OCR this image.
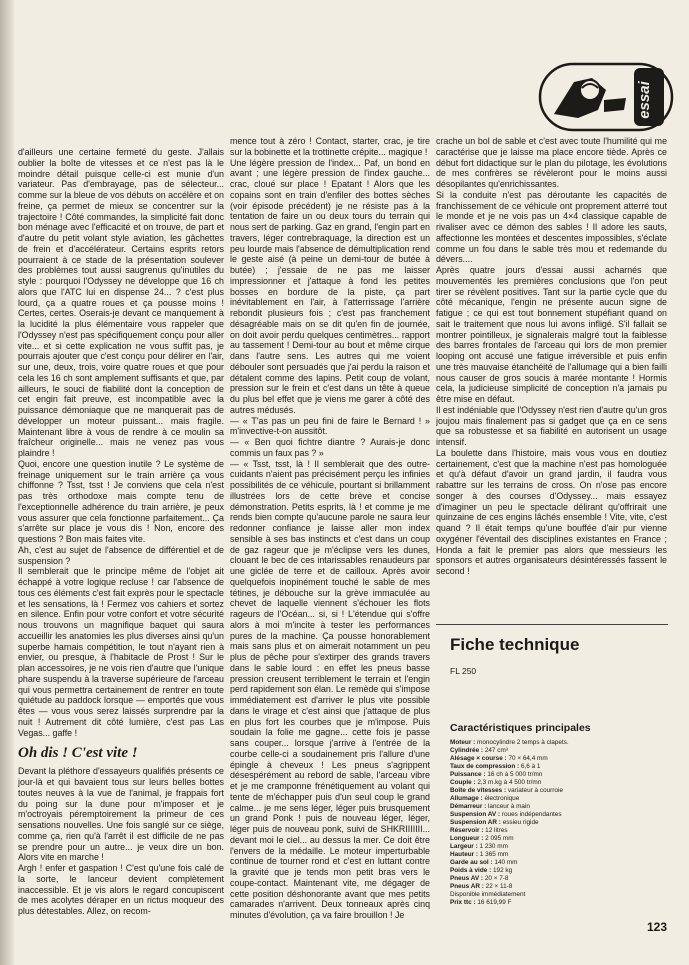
essai

d'ailleurs une certaine fermeté du geste. J'allais oublier la boîte de vitesses et ce n'est pas là le moindre détail puisque celle-ci est munie d'un variateur. Pas d'embrayage, pas de sélecteur... comme sur la bleue de vos débuts on accélère et on freine, ça permet de mieux se concentrer sur la trajectoire ! Côté commandes, la simplicité fait donc bon ménage avec l'efficacité et on trouve, de part et d'autre du petit volant style aviation, les gâchettes de frein et d'accélérateur. Certains esprits retors pourraient à ce stade de la présentation soulever des problèmes tout aussi saugrenus qu'inutiles du style : pourquoi l'Odyssey ne développe que 16 ch alors que l'ATC lui en dispense 24... ? c'est plus lourd, ça a quatre roues et ça pousse moins ! Certes, certes. Oserais-je devant ce manquement à la lucidité la plus élémentaire vous rappeler que l'Odyssey n'est pas spécifiquement conçu pour aller vite... et si cette explication ne vous suffit pas, je pourrais ajouter que c'est conçu pour délirer en l'air, sur une, deux, trois, voire quatre roues et que pour cela les 16 ch sont amplement suffisants et que, par ailleurs, le souci de fiabilité dont la conception de cet engin fait preuve, est incompatible avec la puissance démoniaque que ne manquerait pas de développer un moteur puissant... mais fragile. Maintenant libre à vous de rendre à ce moulin sa fraîcheur originelle... mais ne venez pas vous plaindre !

Quoi, encore une question inutile ? Le système de freinage uniquement sur le train arrière ça vous chiffonne ? Tsst, tsst ! Je conviens que cela n'est pas très orthodoxe mais compte tenu de l'exceptionnelle adhérence du train arrière, je peux vous assurer que cela fonctionne parfaitement... Ça s'arrête sur place je vous dis ! Non, encore des questions ? Bon mais faites vite.

Ah, c'est au sujet de l'absence de différentiel et de suspension ?

Il semblerait que le principe même de l'objet ait échappé à votre logique recluse ! car l'absence de tous ces éléments c'est fait exprès pour le spectacle et les sensations, là ! Fermez vos cahiers et sortez en silence. Enfin pour votre confort et votre sécurité nous trouvons un magnifique baquet qui saura accueillir les anatomies les plus diverses ainsi qu'un superbe harnais compétition, le tout n'ayant rien à envier, ou presque, à l'habitacle de Prost ! Sur le plan accessoires, je ne vois rien d'autre que l'unique phare suspendu à la traverse supérieure de l'arceau qui vous permettra certainement de rentrer en toute quiétude au paddock lorsque — emportés que vous êtes — vous vous serez laissés surprendre par la nuit ! Autrement dit côté lumière, c'est pas Las Vegas... gaffe !

Oh dis ! C'est vite !

Devant la pléthore d'essayeurs qualifiés présents ce jour-là et qui bavaient tous sur leurs belles bottes toutes neuves à la vue de l'animal, je frappais fort du poing sur la dune pour m'imposer et je m'octroyais péremptoirement la primeur de ces sensations nouvelles. Une fois sanglé sur ce siège, comme ça, rien qu'à l'arrêt il est difficile de ne pas se prendre pour un autre... je veux dire un bon. Alors vite en marche !

Argh ! enfer et gaspation ! C'est qu'une fois calé de la sorte, le lanceur devient complètement inaccessible. Et je vis alors le regard concupiscent de mes acolytes déraper en un rictus moqueur des plus détestables. Allez, on recom-

mence tout à zéro ! Contact, starter, crac, je tire sur la bobinette et la trottinette crépite... magique !

Une légère pression de l'index... Paf, un bond en avant ; une légère pression de l'index gauche... crac, cloué sur place ! Epatant ! Alors que les copains sont en train d'enfiler des bottes sèches (voir épisode précédent) je ne résiste pas à la tentation de faire un ou deux tours du terrain qui nous sert de parking. Gaz en grand, l'engin part en travers, léger contrebraquage, la direction est un peu lourde mais l'absence de démultiplication rend le geste aisé (à peine un demi-tour de butée à butée) ; j'essaie de ne pas me laisser impressionner et j'attaque à fond les petites bosses en bordure de la piste, ça part inévitablement en l'air, à l'atterrissage l'arrière rebondit plusieurs fois ; c'est pas franchement désagréable mais on se dit qu'en fin de journée, on doit avoir perdu quelques centimètres... rapport au tassement ! Demi-tour au bout et même cirque dans l'autre sens. Les autres qui me voient débouler sont persuadés que j'ai perdu la raison et détalent comme des lapins. Petit coup de volant, pression sur le frein et c'est dans un tête à queue du plus bel effet que je viens me garer à côté des autres médusés.

— « T'as pas un peu fini de faire le Bernard ! » m'invective-t-on aussitôt.

— « Ben quoi fichtre diantre ? Aurais-je donc commis un faux pas ? »

— « Tsst, tsst, là ! Il semblerait que des outre-cuidants n'aient pas précisément perçu les infinies possibilités de ce véhicule, pourtant si brillamment illustrées lors de cette brève et concise démonstration. Petits esprits, là ! et comme je me rends bien compte qu'aucune parole ne saura leur redonner confiance je laisse aller mon index sensible à ses bas instincts et c'est dans un coup de gaz rageur que je m'éclipse vers les dunes, clouant le bec de ces intarissables renaudeurs par une giclée de terre et de cailloux. Après avoir quelquefois inopinément touché le sable de mes tétines, je débouche sur la grève immaculée au chevet de laquelle viennent s'échouer les flots rageurs de l'Océan... si, si ! L'étendue qui s'offre alors à moi m'incite à tester les performances pures de la machine. Ça pousse honorablement mais sans plus et on aimerait notamment un peu plus de pêche pour s'extirper des grands travers dans le sable lourd : en effet les pneus basse pression creusent terriblement le terrain et l'engin perd rapidement son élan. Le remède qui s'impose immédiatement est d'arriver le plus vite possible dans le virage et c'est ainsi que j'attaque de plus en plus fort les courbes que je m'impose. Puis soudain la folie me gagne... cette fois je passe sans couper... lorsque j'arrive à l'entrée de la courbe celle-ci a soudainement pris l'allure d'une épingle à cheveux ! Les pneus s'agrippent désespérément au rebord de sable, l'arceau vibre et je me cramponne frénétiquement au volant qui tente de m'échapper puis d'un seul coup le grand calme... je me sens léger, léger puis brusquement un grand Ponk ! puis de nouveau léger, léger, léger puis de nouveau ponk, suivi de SHKRIIIIIII... devant moi le ciel... au dessus la mer. Ce doit être l'envers de la médaille. Le moteur imperturbable continue de tourner rond et c'est en luttant contre la gravité que je tends mon petit bras vers le coupe-contact. Maintenant vite, me dégager de cette position déshonorante avant que mes petits camarades n'arrivent. Deux tonneaux après cinq minutes d'évolution, ça va faire brouillon ! Je

crache un bol de sable et c'est avec toute l'humilité qui me caractérise que je laisse ma place encore tiède. Après ce début fort didactique sur le plan du pilotage, les évolutions de mes confrères se révèleront pour le moins aussi désopilantes qu'enrichissantes.

Si la conduite n'est pas déroutante les capacités de franchissement de ce véhicule ont proprement atterré tout le monde et je ne vois pas un 4×4 classique capable de rivaliser avec ce démon des sables ! Il adore les sauts, affectionne les montées et descentes impossibles, s'éclate comme un fou dans le sable très mou et redemande du dévers....

Après quatre jours d'essai aussi acharnés que mouvementés les premières conclusions que l'on peut tirer se révèlent positives. Tant sur la partie cycle que du côté mécanique, l'engin ne présente aucun signe de fatigue ; ce qui est tout bonnement stupéfiant quand on sait le traitement que nous lui avons infligé. S'il fallait se montrer pointilleux, je signalerais malgré tout la faiblesse des barres frontales de l'arceau qui lors de mon premier looping ont accusé une fatigue irréversible et puis enfin une très mauvaise étanchéité de l'allumage qui a bien failli nous causer de gros soucis à marée montante ! Hormis cela, la judicieuse simplicité de conception n'a jamais pu être mise en défaut.

Il est indéniable que l'Odyssey n'est rien d'autre qu'un gros joujou mais finalement pas si gadget que ça en ce sens que sa robustesse et sa fiabilité en autorisent un usage intensif.

La boulette dans l'histoire, mais vous vous en doutiez certainement, c'est que la machine n'est pas homologuée et qu'à défaut d'avoir un grand jardin, il faudra vous rabattre sur les terrains de cross. On n'ose pas encore songer à des courses d'Odyssey... mais essayez d'imaginer un peu le spectacle délirant qu'offrirait une quinzaine de ces engins lâchés ensemble ! Vite, vite, c'est quand ? Il était temps qu'une bouffée d'air pur vienne oxygéner l'éventail des disciplines existantes en France ; Honda a fait le premier pas alors que messieurs les sponsors et autres organisateurs désintéressés fassent le second !

Fiche technique
FL 250
Caractéristiques principales
Moteur : monocylindre 2 temps à clapets.
Cylindrée : 247 cm³
Alésage × course : 70 × 64,4 mm
Taux de compression : 6,6 à 1
Puissance : 16 ch à 5 000 tr/mn
Couple : 2,3 m.kg à 4 500 tr/mn
Boîte de vitesses : variateur à courroie
Allumage : électronique
Démarreur : lanceur à main
Suspension AV : roues indépendantes
Suspension AR : essieu rigide
Réservoir : 12 litres
Longueur : 2 095 mm
Largeur : 1 230 mm
Hauteur : 1 365 mm
Garde au sol : 140 mm
Poids à vide : 192 kg
Pneus AV : 20 × 7-8
Pneus AR : 22 × 11-8
Disponible immédiatement
Prix ttc : 16 619,99 F
123
